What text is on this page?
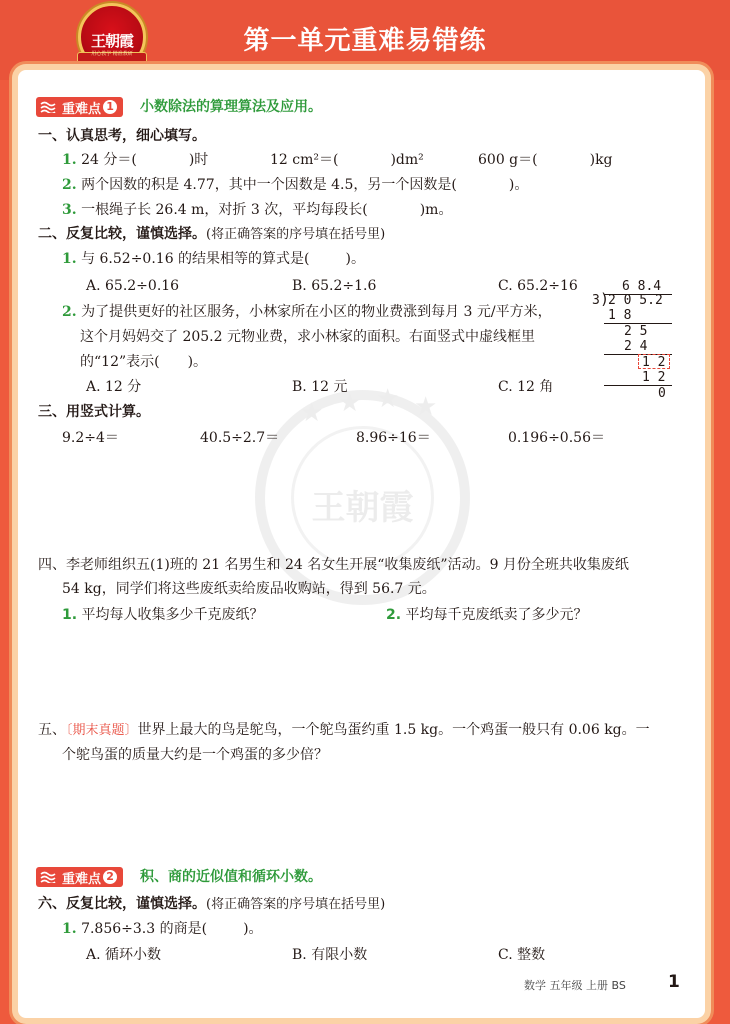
王朝霞
用心教学 精准教研	第一单元重难易错练
王朝霞
★ ★ ★ ★
重难点 1 小数除法的算理算法及应用。
一、认真思考，细心填写。
1. 24 分＝(	)时	12 cm²＝(	)dm²	600 g＝(	)kg
2. 两个因数的积是 4.77，其中一个因数是 4.5，另一个因数是(	)。
3. 一根绳子长 26.4 m，对折 3 次，平均每段长(	)m。
二、反复比较，谨慎选择。(将正确答案的序号填在括号里)
1. 与 6.52÷0.16 的结果相等的算式是(	)。
A. 65.2÷0.16	B. 65.2÷1.6	C. 65.2÷16
2. 为了提供更好的社区服务，小林家所在小区的物业费涨到每月 3 元/平方米，
这个月妈妈交了 205.2 元物业费，求小林家的面积。右面竖式中虚线框里
的“12”表示( )。
A. 12 分	B. 12 元	C. 12 角
6 8.4
3 )
2 0 5.2
1 8
2 5
2 4
1 2
1 2
0
三、用竖式计算。
9.2÷4＝	40.5÷2.7＝	8.96÷16＝	0.196÷0.56＝
四、李老师组织五(1)班的 21 名男生和 24 名女生开展“收集废纸”活动。9 月份全班共收集废纸
54 kg，同学们将这些废纸卖给废品收购站，得到 56.7 元。
1. 平均每人收集多少千克废纸？	2. 平均每千克废纸卖了多少元？
五、〔期末真题〕世界上最大的鸟是鸵鸟，一个鸵鸟蛋约重 1.5 kg。一个鸡蛋一般只有 0.06 kg。一
个鸵鸟蛋的质量大约是一个鸡蛋的多少倍？
重难点 2 积、商的近似值和循环小数。
六、反复比较，谨慎选择。(将正确答案的序号填在括号里)
1. 7.856÷3.3 的商是(	)。
A. 循环小数	B. 有限小数	C. 整数
数学 五年级 上册 BS 1
